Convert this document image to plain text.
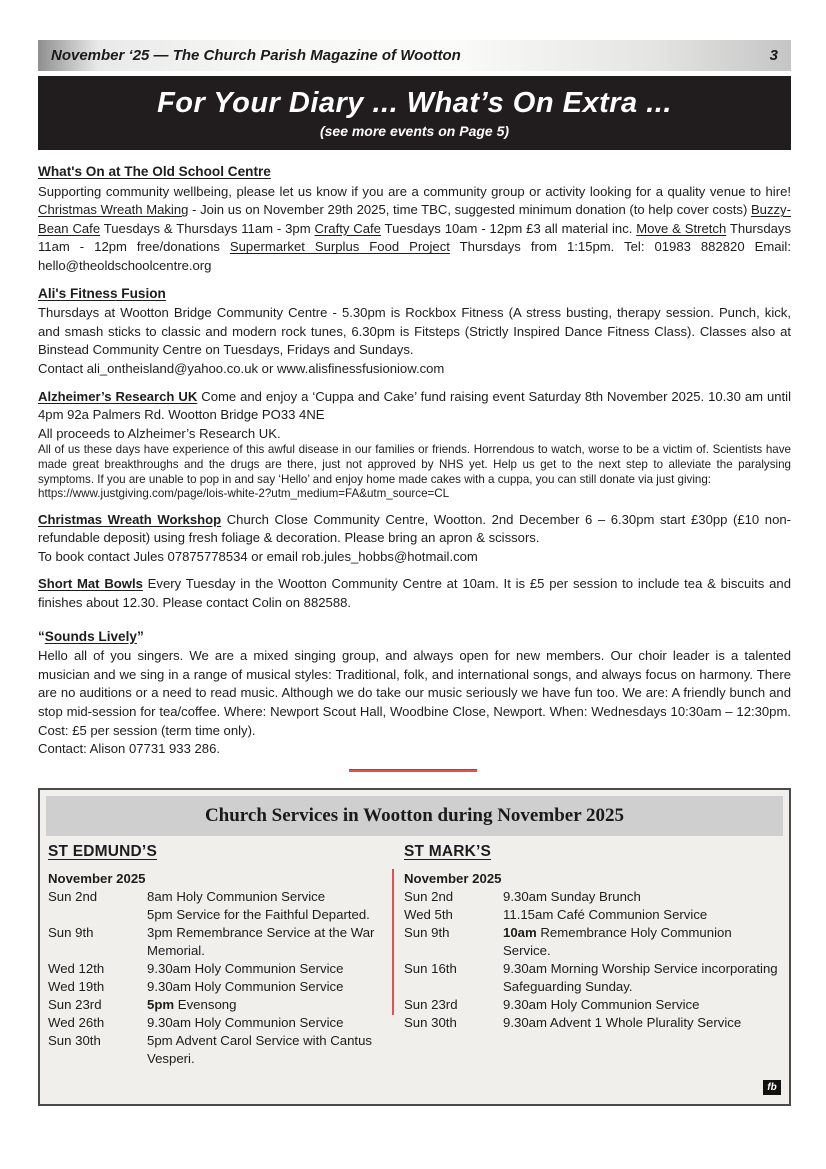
November ‘25 — The Church Parish Magazine of Wootton	3
For Your Diary ... What’s On Extra ...
(see more events on Page 5)
What's On at The Old School Centre

Supporting community wellbeing, please let us know if you are a community group or activity looking for a quality venue to hire! Christmas Wreath Making - Join us on November 29th 2025, time TBC, suggested minimum donation (to help cover costs) Buzzy-Bean Cafe Tuesdays & Thursdays 11am - 3pm Crafty Cafe Tuesdays 10am - 12pm £3 all material inc. Move & Stretch Thursdays 11am - 12pm free/donations Supermarket Surplus Food Project Thursdays from 1:15pm. Tel: 01983 882820 Email: hello@theoldschoolcentre.org

Ali's Fitness Fusion

Thursdays at Wootton Bridge Community Centre - 5.30pm is Rockbox Fitness (A stress busting, therapy session. Punch, kick, and smash sticks to classic and modern rock tunes, 6.30pm is Fitsteps (Strictly Inspired Dance Fitness Class). Classes also at Binstead Community Centre on Tuesdays, Fridays and Sundays.

Contact ali_ontheisland@yahoo.co.uk or www.alisfinessfusioniow.com

Alzheimer’s Research UK Come and enjoy a ‘Cuppa and Cake’ fund raising event Saturday 8th November 2025. 10.30 am until 4pm 92a Palmers Rd. Wootton Bridge PO33 4NE

All proceeds to Alzheimer’s Research UK.

All of us these days have experience of this awful disease in our families or friends. Horrendous to watch, worse to be a victim of. Scientists have made great breakthroughs and the drugs are there, just not approved by NHS yet. Help us get to the next step to alleviate the paralysing symptoms. If you are unable to pop in and say ‘Hello’ and enjoy home made cakes with a cuppa, you can still donate via just giving:

https://www.justgiving.com/page/lois-white-2?utm_medium=FA&utm_source=CL

Christmas Wreath Workshop Church Close Community Centre, Wootton. 2nd December 6 – 6.30pm start £30pp (£10 non-refundable deposit) using fresh foliage & decoration. Please bring an apron & scissors.

To book contact Jules 07875778534 or email rob.jules_hobbs@hotmail.com

Short Mat Bowls Every Tuesday in the Wootton Community Centre at 10am. It is £5 per session to include tea & biscuits and finishes about 12.30. Please contact Colin on 882588.

“Sounds Lively”

Hello all of you singers. We are a mixed singing group, and always open for new members. Our choir leader is a talented musician and we sing in a range of musical styles: Traditional, folk, and international songs, and always focus on harmony. There are no auditions or a need to read music. Although we do take our music seriously we have fun too. We are: A friendly bunch and stop mid-session for tea/coffee. Where: Newport Scout Hall, Woodbine Close, Newport. When: Wednesdays 10:30am – 12:30pm. Cost: £5 per session (term time only).

Contact: Alison 07731 933 286.

Church Services in Wootton during November 2025
ST EDMUND’S
November 2025
Sun 2nd	8am Holy Communion Service
5pm Service for the Faithful Departed.
Sun 9th	3pm Remembrance Service at the War Memorial.
Wed 12th	9.30am Holy Communion Service
Wed 19th	9.30am Holy Communion Service
Sun 23rd	5pm Evensong
Wed 26th	9.30am Holy Communion Service
Sun 30th	5pm Advent Carol Service with Cantus Vesperi.
ST MARK’S
November 2025
Sun 2nd	9.30am Sunday Brunch
Wed 5th	11.15am Café Communion Service
Sun 9th	10am Remembrance Holy Communion Service.
Sun 16th	9.30am Morning Worship Service incorporating Safeguarding Sunday.
Sun 23rd	9.30am Holy Communion Service
Sun 30th	9.30am Advent 1 Whole Plurality Service
fb
